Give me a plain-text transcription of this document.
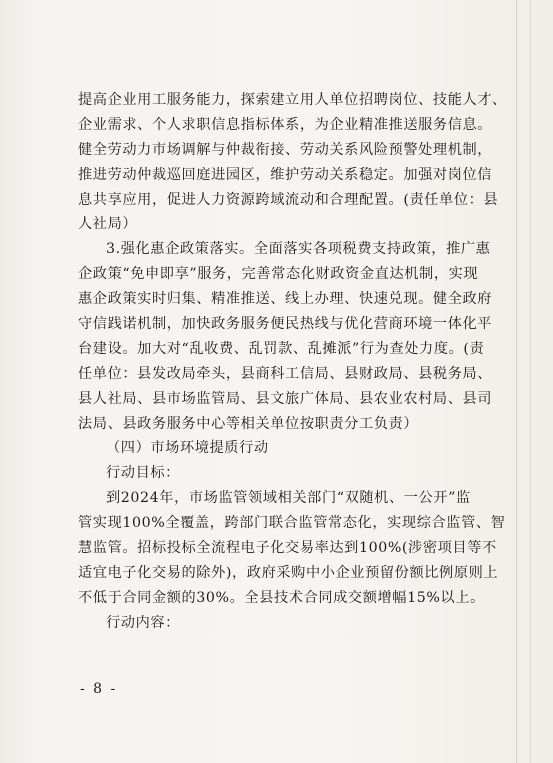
提高企业用工服务能力，探索建立用人单位招聘岗位、技能人才、
企业需求、个人求职信息指标体系，为企业精准推送服务信息。
健全劳动力市场调解与仲裁衔接、劳动关系风险预警处理机制，
推进劳动仲裁巡回庭进园区，维护劳动关系稳定。加强对岗位信
息共享应用，促进人力资源跨域流动和合理配置。(责任单位：县
人社局）
3.强化惠企政策落实。全面落实各项税费支持政策，推广惠
企政策“免申即享”服务，完善常态化财政资金直达机制，实现
惠企政策实时归集、精准推送、线上办理、快速兑现。健全政府
守信践诺机制，加快政务服务便民热线与优化营商环境一体化平
台建设。加大对“乱收费、乱罚款、乱摊派”行为查处力度。(责
任单位：县发改局牵头，县商科工信局、县财政局、县税务局、
县人社局、县市场监管局、县文旅广体局、县农业农村局、县司
法局、县政务服务中心等相关单位按职责分工负责）
（四）市场环境提质行动
行动目标：
到2024年，市场监管领域相关部门“双随机、一公开”监
管实现100%全覆盖，跨部门联合监管常态化，实现综合监管、智
慧监管。招标投标全流程电子化交易率达到100%(涉密项目等不
适宜电子化交易的除外)，政府采购中小企业预留份额比例原则上
不低于合同金额的30%。全县技术合同成交额增幅15%以上。
行动内容：
- 8 -
